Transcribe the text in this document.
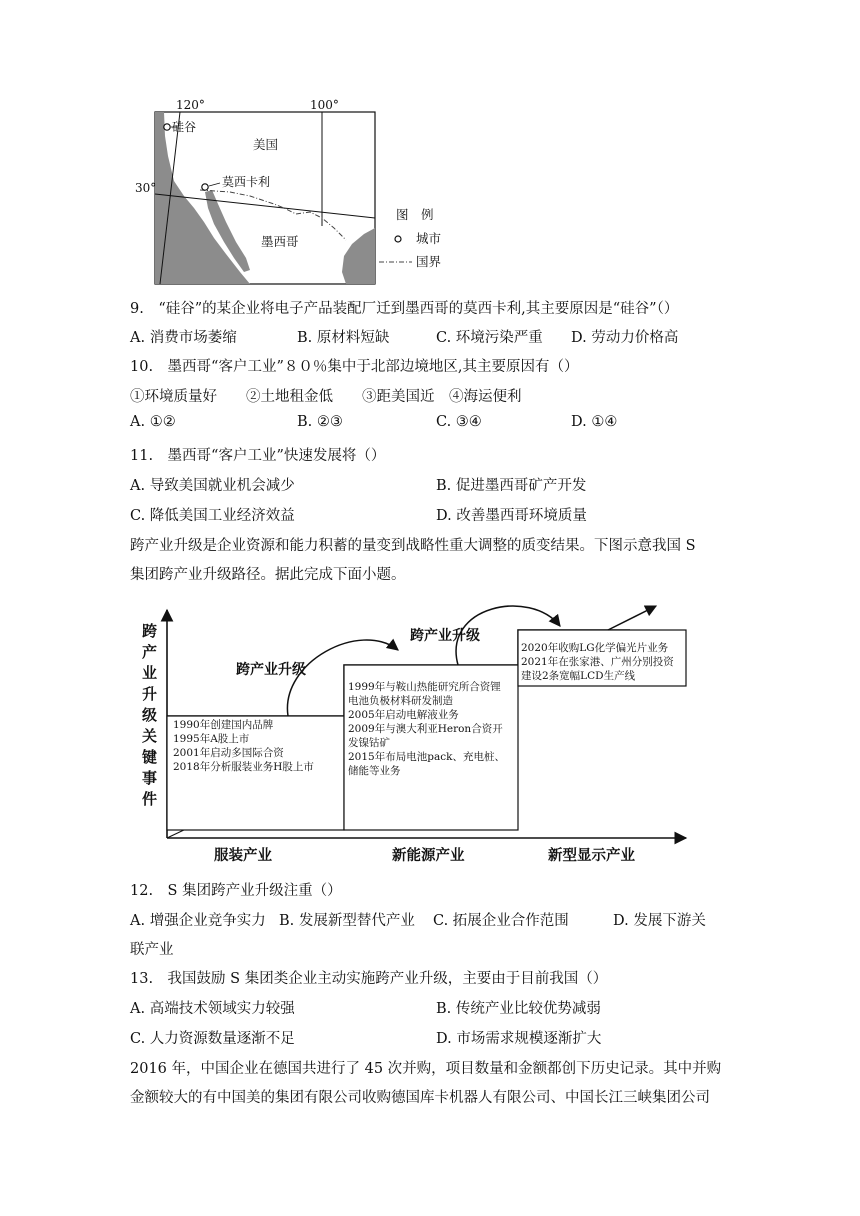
120°	100°
硅谷
莫西卡利
美国
墨西哥
图　例
城市
国界
30°
9.　“硅谷”的某企业将电子产品装配厂迁到墨西哥的莫西卡利,其主要原因是“硅谷”（）
A. 消费市场萎缩	B. 原材料短缺	C. 环境污染严重 D. 劳动力价格高
10.　墨西哥“客户工业”８０％集中于北部边境地区,其主要原因有（）
①环境质量好　　②土地租金低　　③距美国近　④海运便利
A. ①②	B. ②③	C. ③④	D. ①④
11.　墨西哥“客户工业”快速发展将（）
A. 导致美国就业机会减少	B. 促进墨西哥矿产开发
C. 降低美国工业经济效益	D. 改善墨西哥环境质量
跨产业升级是企业资源和能力积蓄的量变到战略性重大调整的质变结果。下图示意我国 S
集团跨产业升级路径。据此完成下面小题。
跨产业升级
跨产业升级
跨
产
业
升
级
关
键
事
件
1990年创建国内品牌
1995年A股上市
2001年启动多国际合资
2018年分析服装业务H股上市
1999年与鞍山热能研究所合资锂
电池负极材料研发制造
2005年启动电解液业务
2009年与澳大利亚Heron合资开
发镍钴矿
2015年布局电池pack、充电桩、
储能等业务
2020年收购LG化学偏光片业务
2021年在张家港、广州分别投资
建设2条宽幅LCD生产线
服装产业	新能源产业	新型显示产业
12.　S 集团跨产业升级注重（）
A. 增强企业竞争实力 B. 发展新型替代产业 C. 拓展企业合作范围	D. 发展下游关
联产业
13.　我国鼓励 S 集团类企业主动实施跨产业升级，主要由于目前我国（）
A. 高端技术领域实力较强	B. 传统产业比较优势减弱
C. 人力资源数量逐渐不足	D. 市场需求规模逐渐扩大
2016 年，中国企业在德国共进行了 45 次并购，项目数量和金额都创下历史记录。其中并购
金额较大的有中国美的集团有限公司收购德国库卡机器人有限公司、中国长江三峡集团公司
